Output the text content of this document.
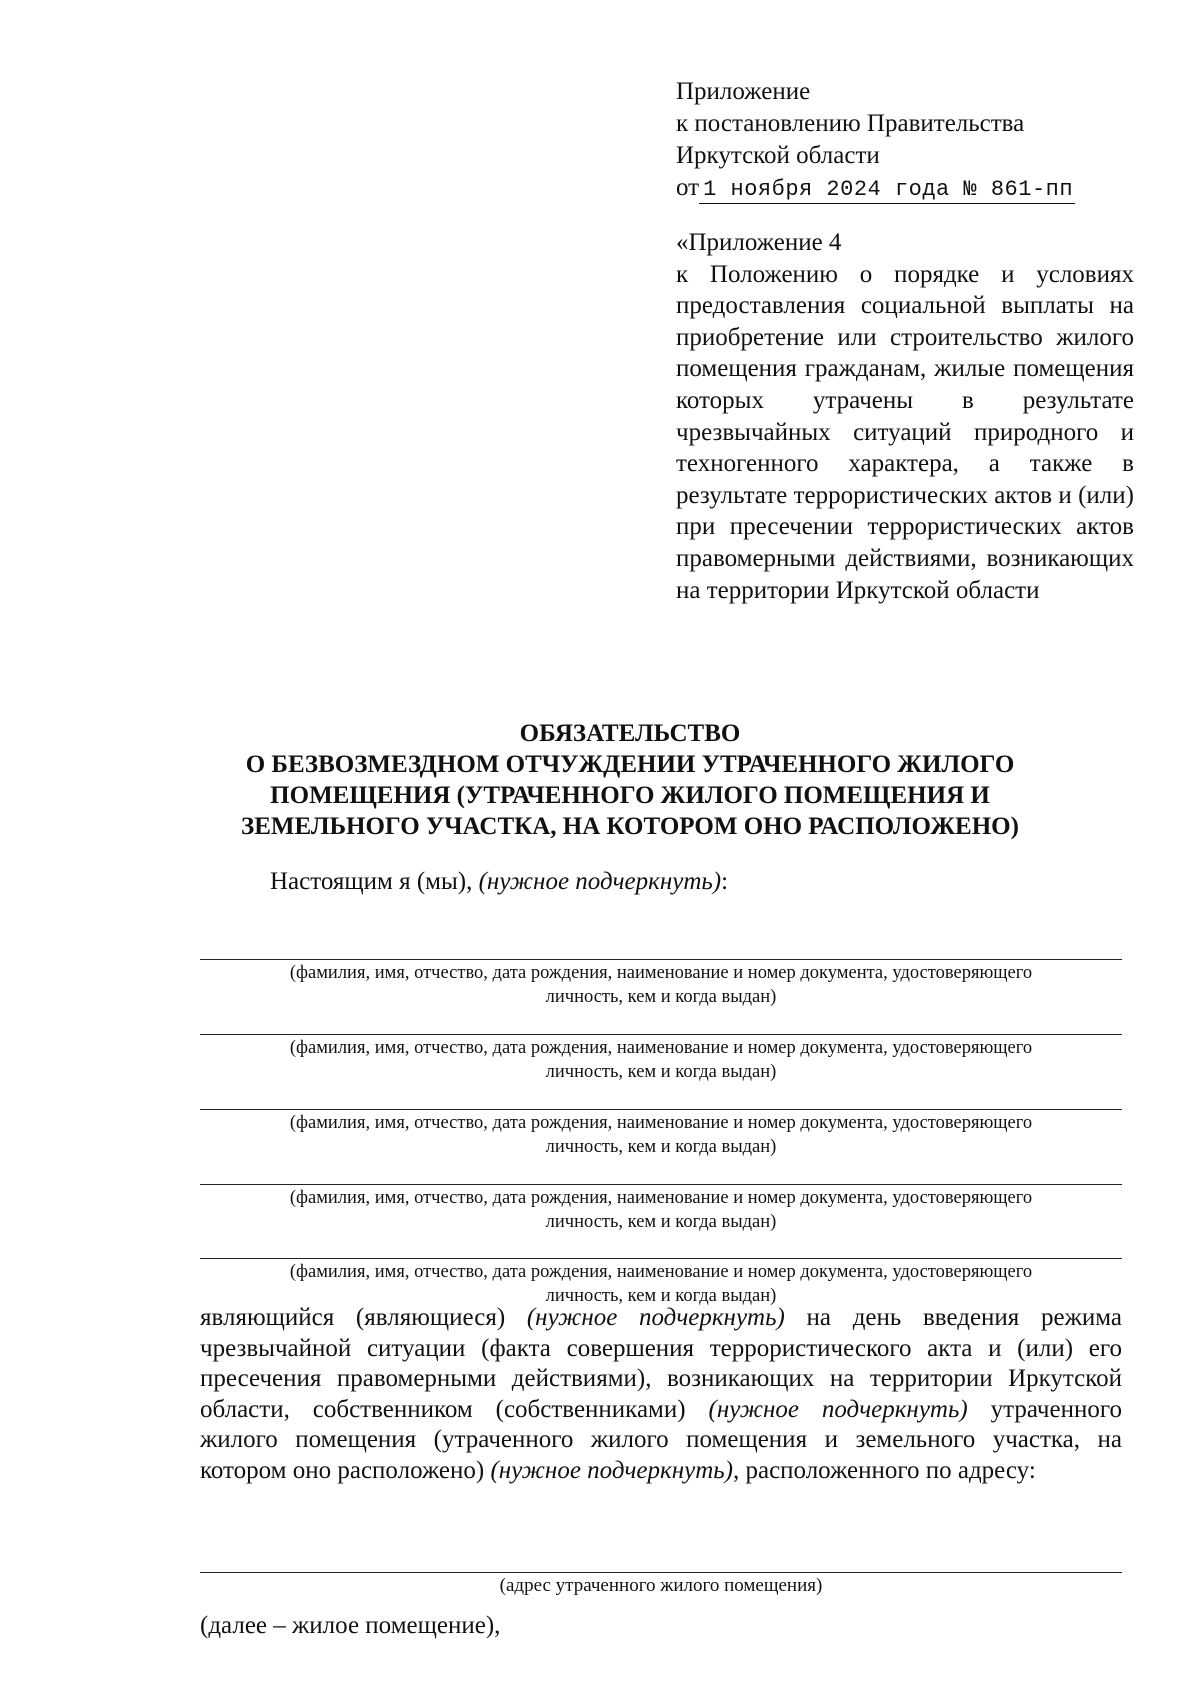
Приложение
к постановлению Правительства
Иркутской области
от 1 ноября 2024 года № 861-пп
«Приложение 4
к Положению о порядке и условиях предоставления социальной выплаты на приобретение или строительство жилого помещения гражданам, жилые помещения которых утрачены в результате чрезвычайных ситуаций природного и техногенного характера, а также в результате террористических актов и (или) при пресечении террористических актов правомерными действиями, возникающих на территории Иркутской области
ОБЯЗАТЕЛЬСТВО
О БЕЗВОЗМЕЗДНОМ ОТЧУЖДЕНИИ УТРАЧЕННОГО ЖИЛОГО
ПОМЕЩЕНИЯ (УТРАЧЕННОГО ЖИЛОГО ПОМЕЩЕНИЯ И
ЗЕМЕЛЬНОГО УЧАСТКА, НА КОТОРОМ ОНО РАСПОЛОЖЕНО)
Настоящим я (мы), (нужное подчеркнуть):
(фамилия, имя, отчество, дата рождения, наименование и номер документа, удостоверяющего
личность, кем и когда выдан)
(фамилия, имя, отчество, дата рождения, наименование и номер документа, удостоверяющего
личность, кем и когда выдан)
(фамилия, имя, отчество, дата рождения, наименование и номер документа, удостоверяющего
личность, кем и когда выдан)
(фамилия, имя, отчество, дата рождения, наименование и номер документа, удостоверяющего
личность, кем и когда выдан)
(фамилия, имя, отчество, дата рождения, наименование и номер документа, удостоверяющего
личность, кем и когда выдан)
являющийся (являющиеся) (нужное подчеркнуть) на день введения режима чрезвычайной ситуации (факта совершения террористического акта и (или) его пресечения правомерными действиями), возникающих на территории Иркутской области, собственником (собственниками) (нужное подчеркнуть) утраченного жилого помещения (утраченного жилого помещения и земельного участка, на котором оно расположено) (нужное подчеркнуть), расположенного по адресу:
(адрес утраченного жилого помещения)
(далее – жилое помещение),
